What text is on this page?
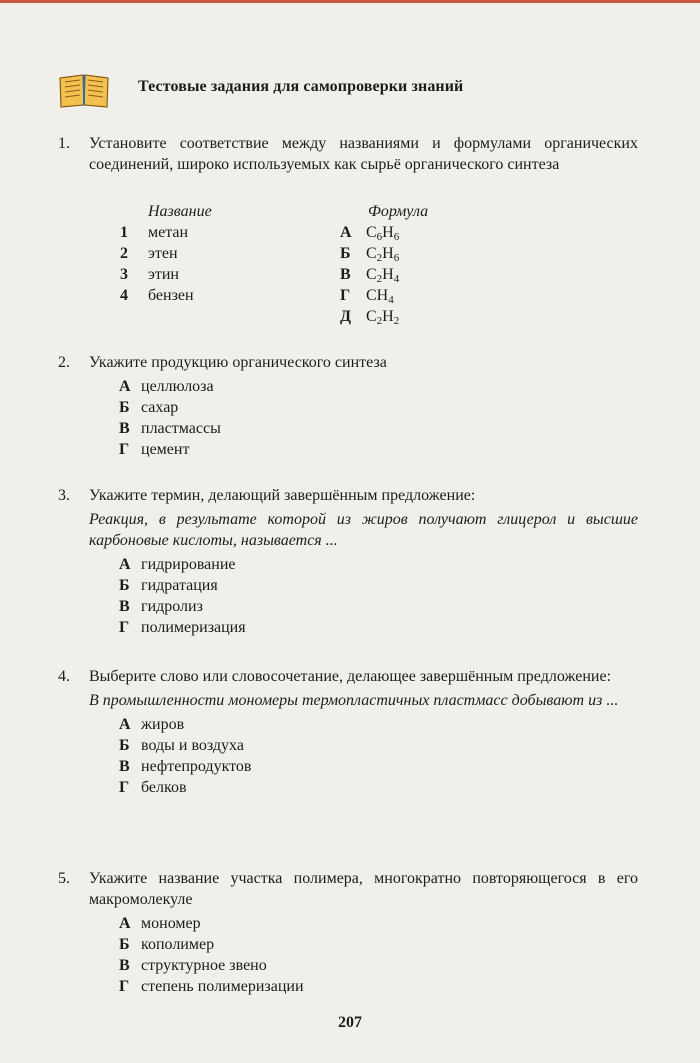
Тестовые задания для самопроверки знаний
1. Установите соответствие между названиями и формулами органических соединений, широко используемых как сырьё органического синтеза
Название
1 метан
2 этен
3 этин
4 бензен
Формула
А $C_6H_6$
Б $C_2H_6$
В $C_2H_4$
Г $CH_4$
Д $C_2H_2$
2. Укажите продукцию органического синтеза
А целлюлоза
Б сахар
В пластмассы
Г цемент
3. Укажите термин, делающий завершённым предложение:
Реакция, в результате которой из жиров получают глицерол и высшие карбоновые кислоты, называется ...
А гидрирование
Б гидратация
В гидролиз
Г полимеризация
4. Выберите слово или словосочетание, делающее завершённым предложение:
В промышленности мономеры термопластичных пластмасс добывают из ...
А жиров
Б воды и воздуха
В нефтепродуктов
Г белков
5. Укажите название участка полимера, многократно повторяющегося в его макромолекуле
А мономер
Б кополимер
В структурное звено
Г степень полимеризации
207
